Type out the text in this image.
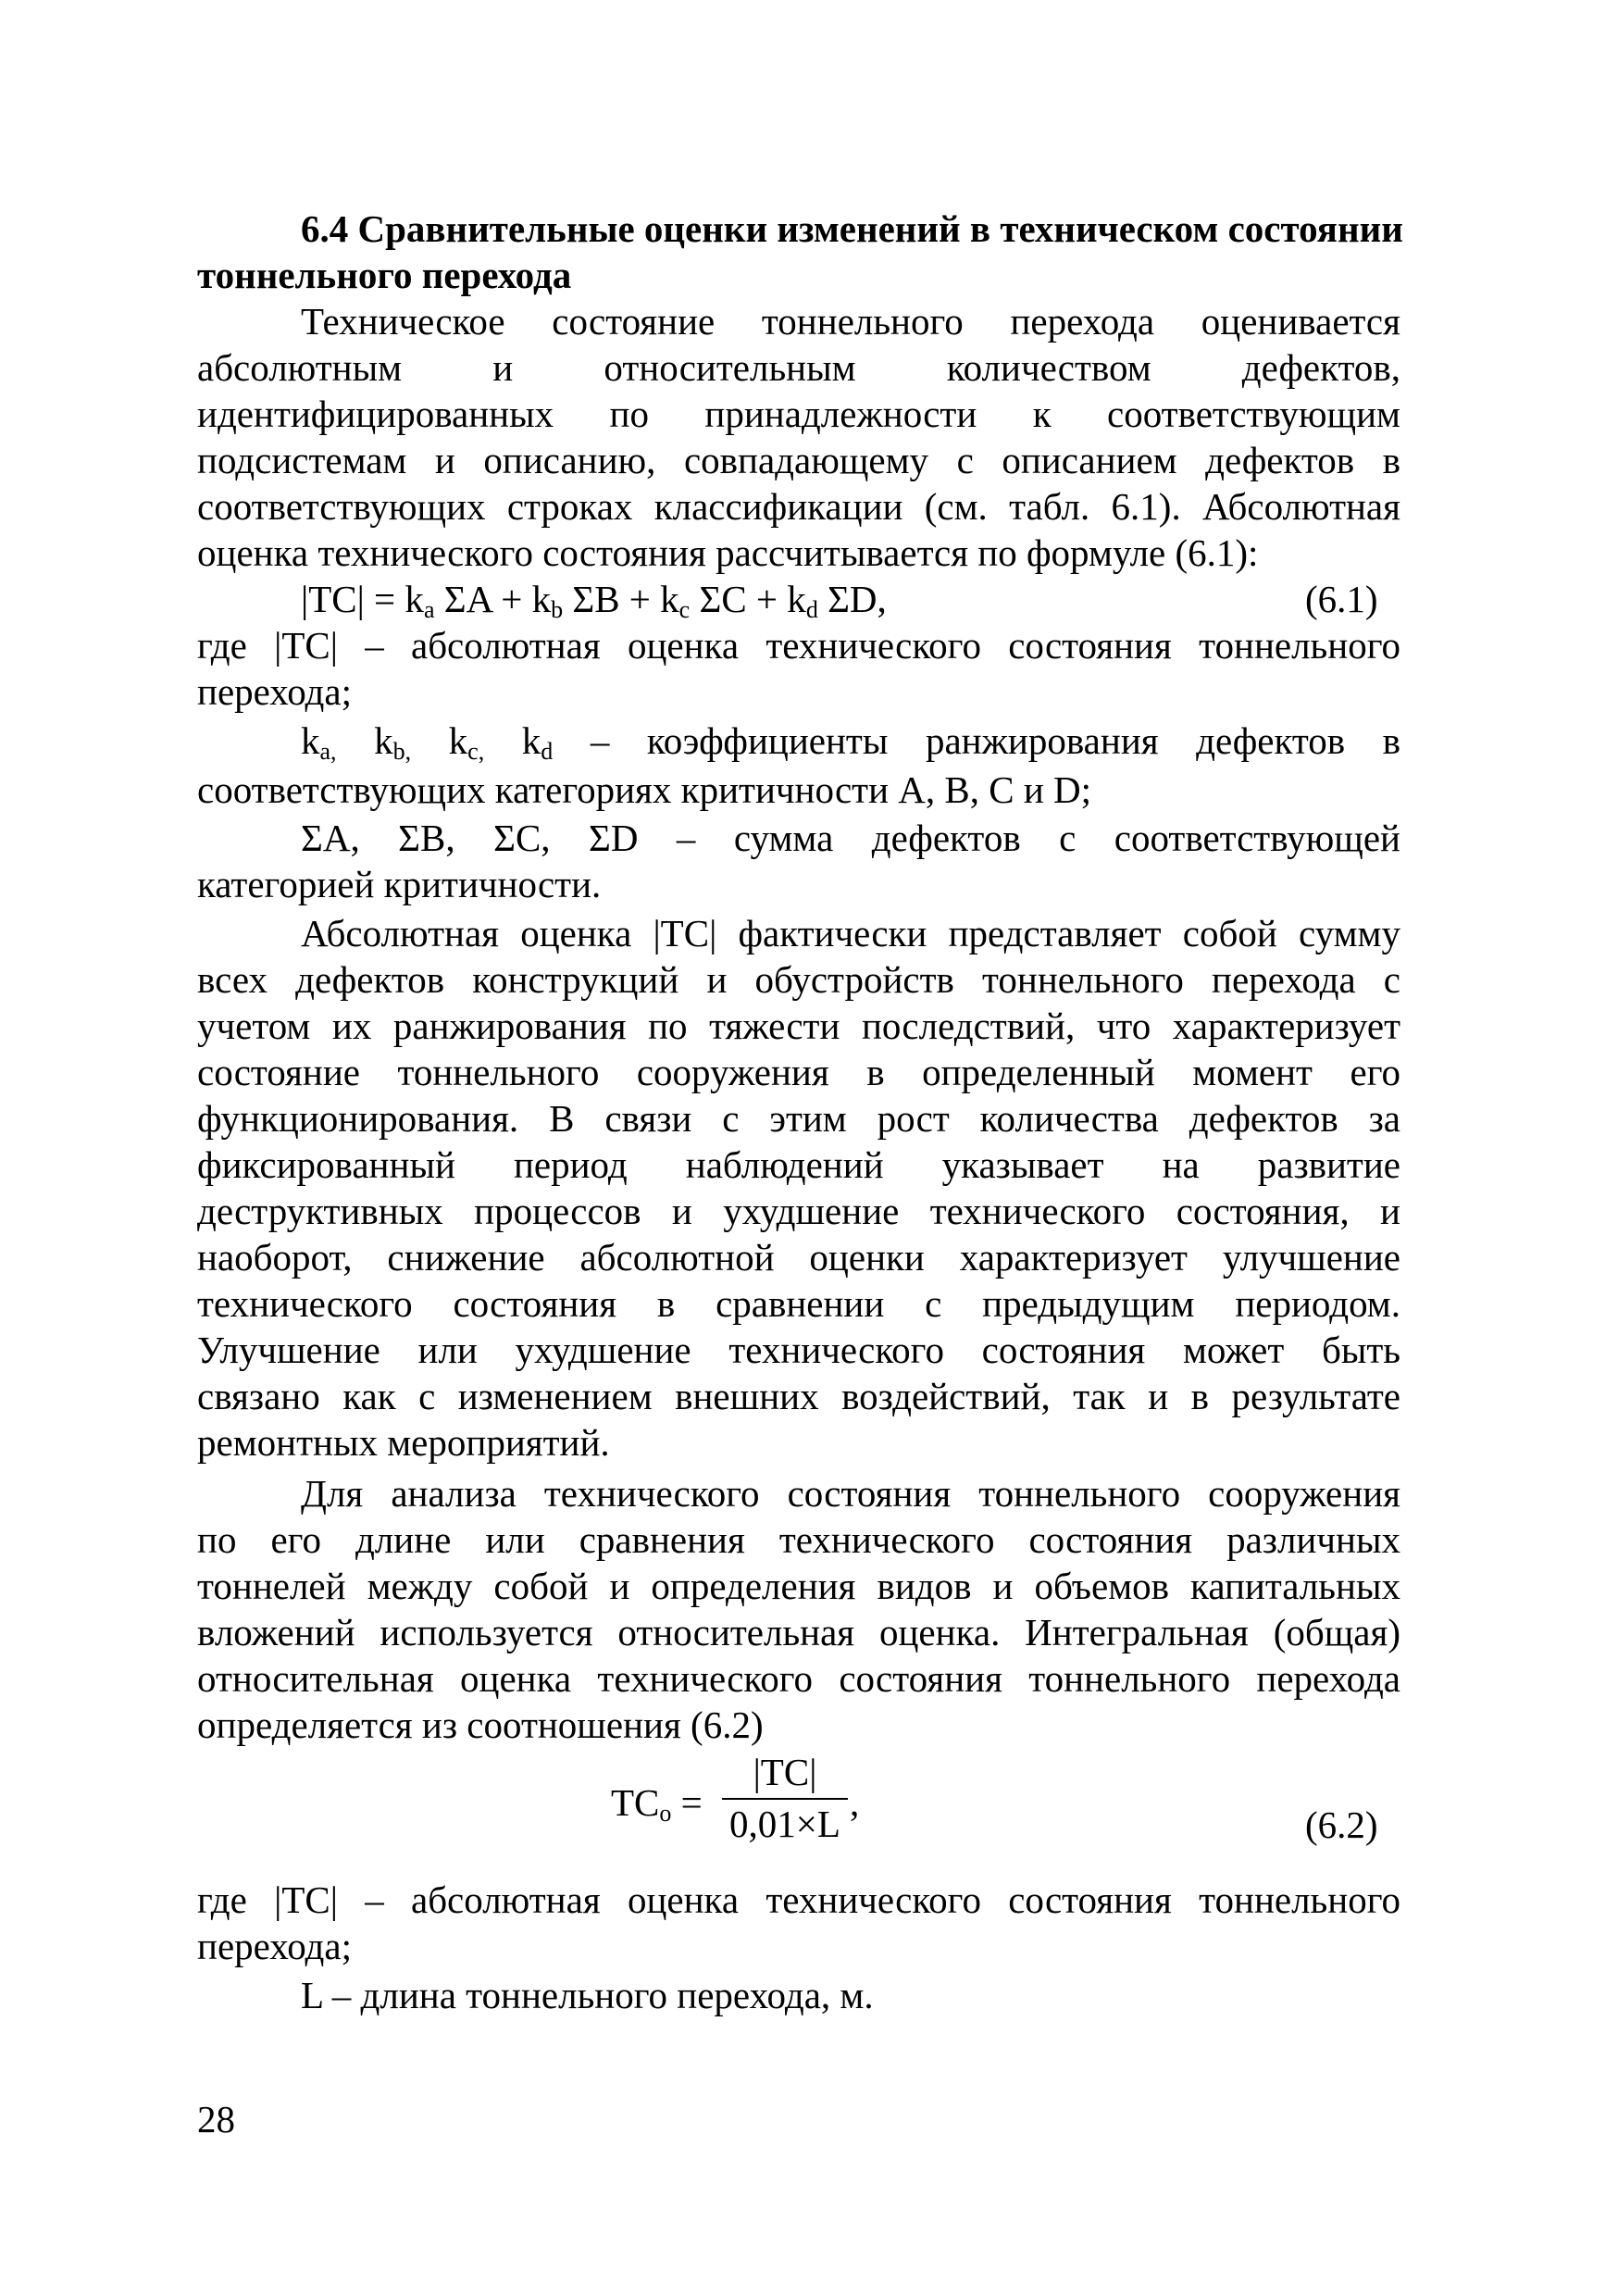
6.4 Сравнительные оценки изменений в техническом состоянии
тоннельного перехода
Техническое состояние тоннельного перехода оценивается
абсолютным и относительным количеством дефектов,
идентифицированных по принадлежности к соответствующим
подсистемам и описанию, совпадающему с описанием дефектов в
соответствующих строках классификации (см. табл. 6.1). Абсолютная
оценка технического состояния рассчитывается по формуле (6.1):
$|TC| = k_a$ $\Sigma A + k_b$ $\Sigma B + k_c$ $\Sigma C + k_d$ ΣD,	(6.1)
где |TC| – абсолютная оценка технического состояния тоннельного
перехода;
$k_{a,}$ $k_{b,}$ $k_{c,}$ $k_d$ – коэффициенты ранжирования дефектов в
соответствующих категориях критичности A, B, C и D;
ΣA, ΣB, ΣC, ΣD – сумма дефектов с соответствующей
категорией критичности.
Абсолютная оценка |TC| фактически представляет собой сумму
всех дефектов конструкций и обустройств тоннельного перехода с
учетом их ранжирования по тяжести последствий, что характеризует
состояние тоннельного сооружения в определенный момент его
функционирования. В связи с этим рост количества дефектов за
фиксированный период наблюдений указывает на развитие
деструктивных процессов и ухудшение технического состояния, и
наоборот, снижение абсолютной оценки характеризует улучшение
технического состояния в сравнении с предыдущим периодом.
Улучшение или ухудшение технического состояния может быть
связано как с изменением внешних воздействий, так и в результате
ремонтных мероприятий.
Для анализа технического состояния тоннельного сооружения
по его длине или сравнения технического состояния различных
тоннелей между собой и определения видов и объемов капитальных
вложений используется относительная оценка. Интегральная (общая)
относительная оценка технического состояния тоннельного перехода
определяется из соотношения (6.2)
$TC_o$ =
|TC|
0,01×L ,
(6.2)
где |TC| – абсолютная оценка технического состояния тоннельного
перехода;
L – длина тоннельного перехода, м.
28
